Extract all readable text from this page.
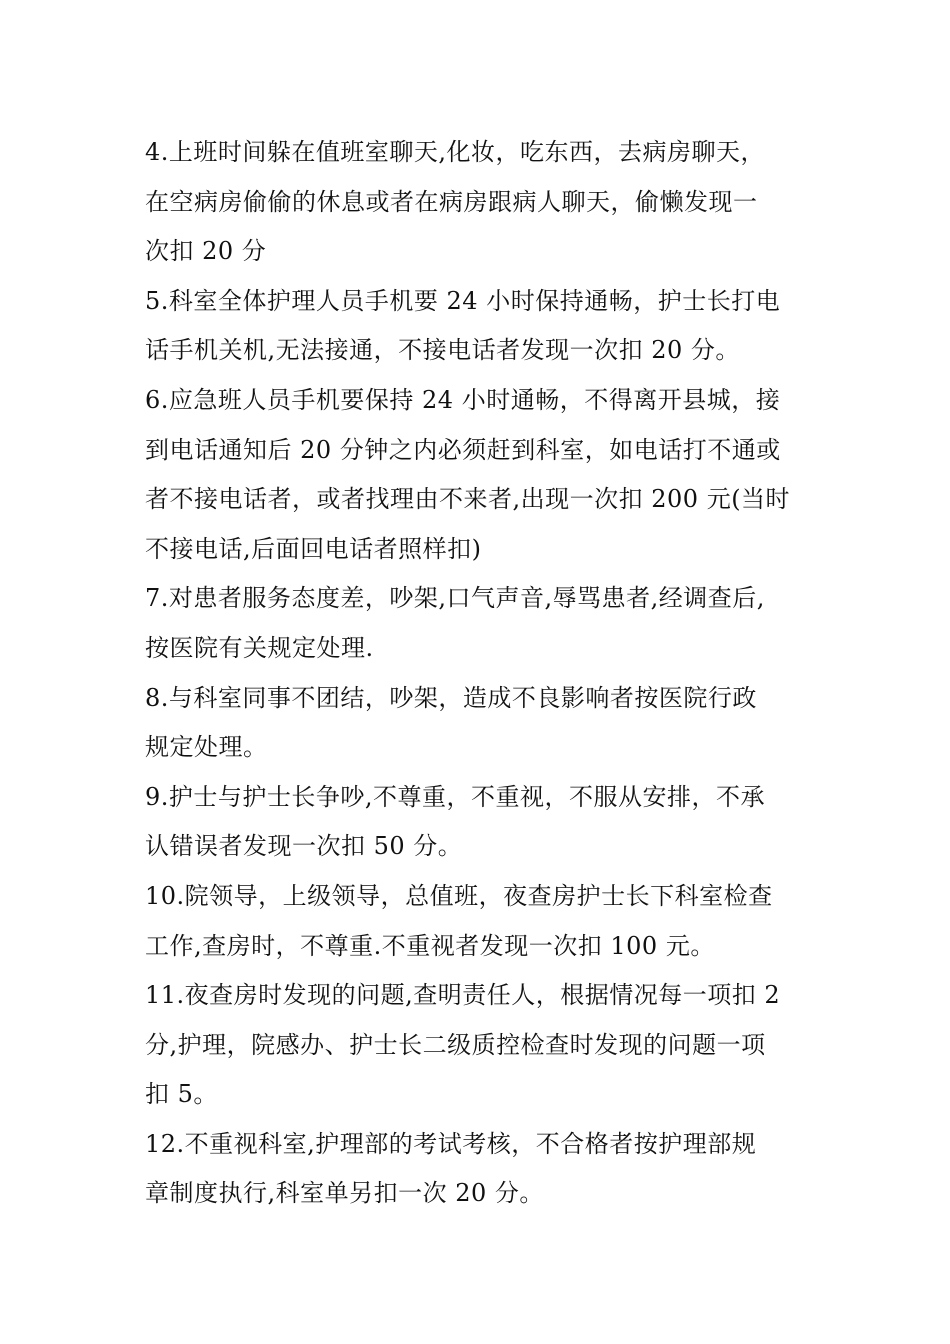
4.上班时间躲在值班室聊天,化妆，吃东西，去病房聊天，
在空病房偷偷的休息或者在病房跟病人聊天，偷懒发现一
次扣 20 分
5.科室全体护理人员手机要 24 小时保持通畅，护士长打电
话手机关机,无法接通，不接电话者发现一次扣 20 分。
6.应急班人员手机要保持 24 小时通畅，不得离开县城，接
到电话通知后 20 分钟之内必须赶到科室，如电话打不通或
者不接电话者，或者找理由不来者,出现一次扣 200 元(当时
不接电话,后面回电话者照样扣)
7.对患者服务态度差，吵架,口气声音,辱骂患者,经调查后,
按医院有关规定处理.
8.与科室同事不团结，吵架，造成不良影响者按医院行政
规定处理。
9.护士与护士长争吵,不尊重，不重视，不服从安排，不承
认错误者发现一次扣 50 分。
10.院领导，上级领导，总值班，夜查房护士长下科室检查
工作,查房时，不尊重.不重视者发现一次扣 100 元。
11.夜查房时发现的问题,查明责任人，根据情况每一项扣 2
分,护理，院感办、护士长二级质控检查时发现的问题一项
扣 5。
12.不重视科室,护理部的考试考核，不合格者按护理部规
章制度执行,科室单另扣一次 20 分。
